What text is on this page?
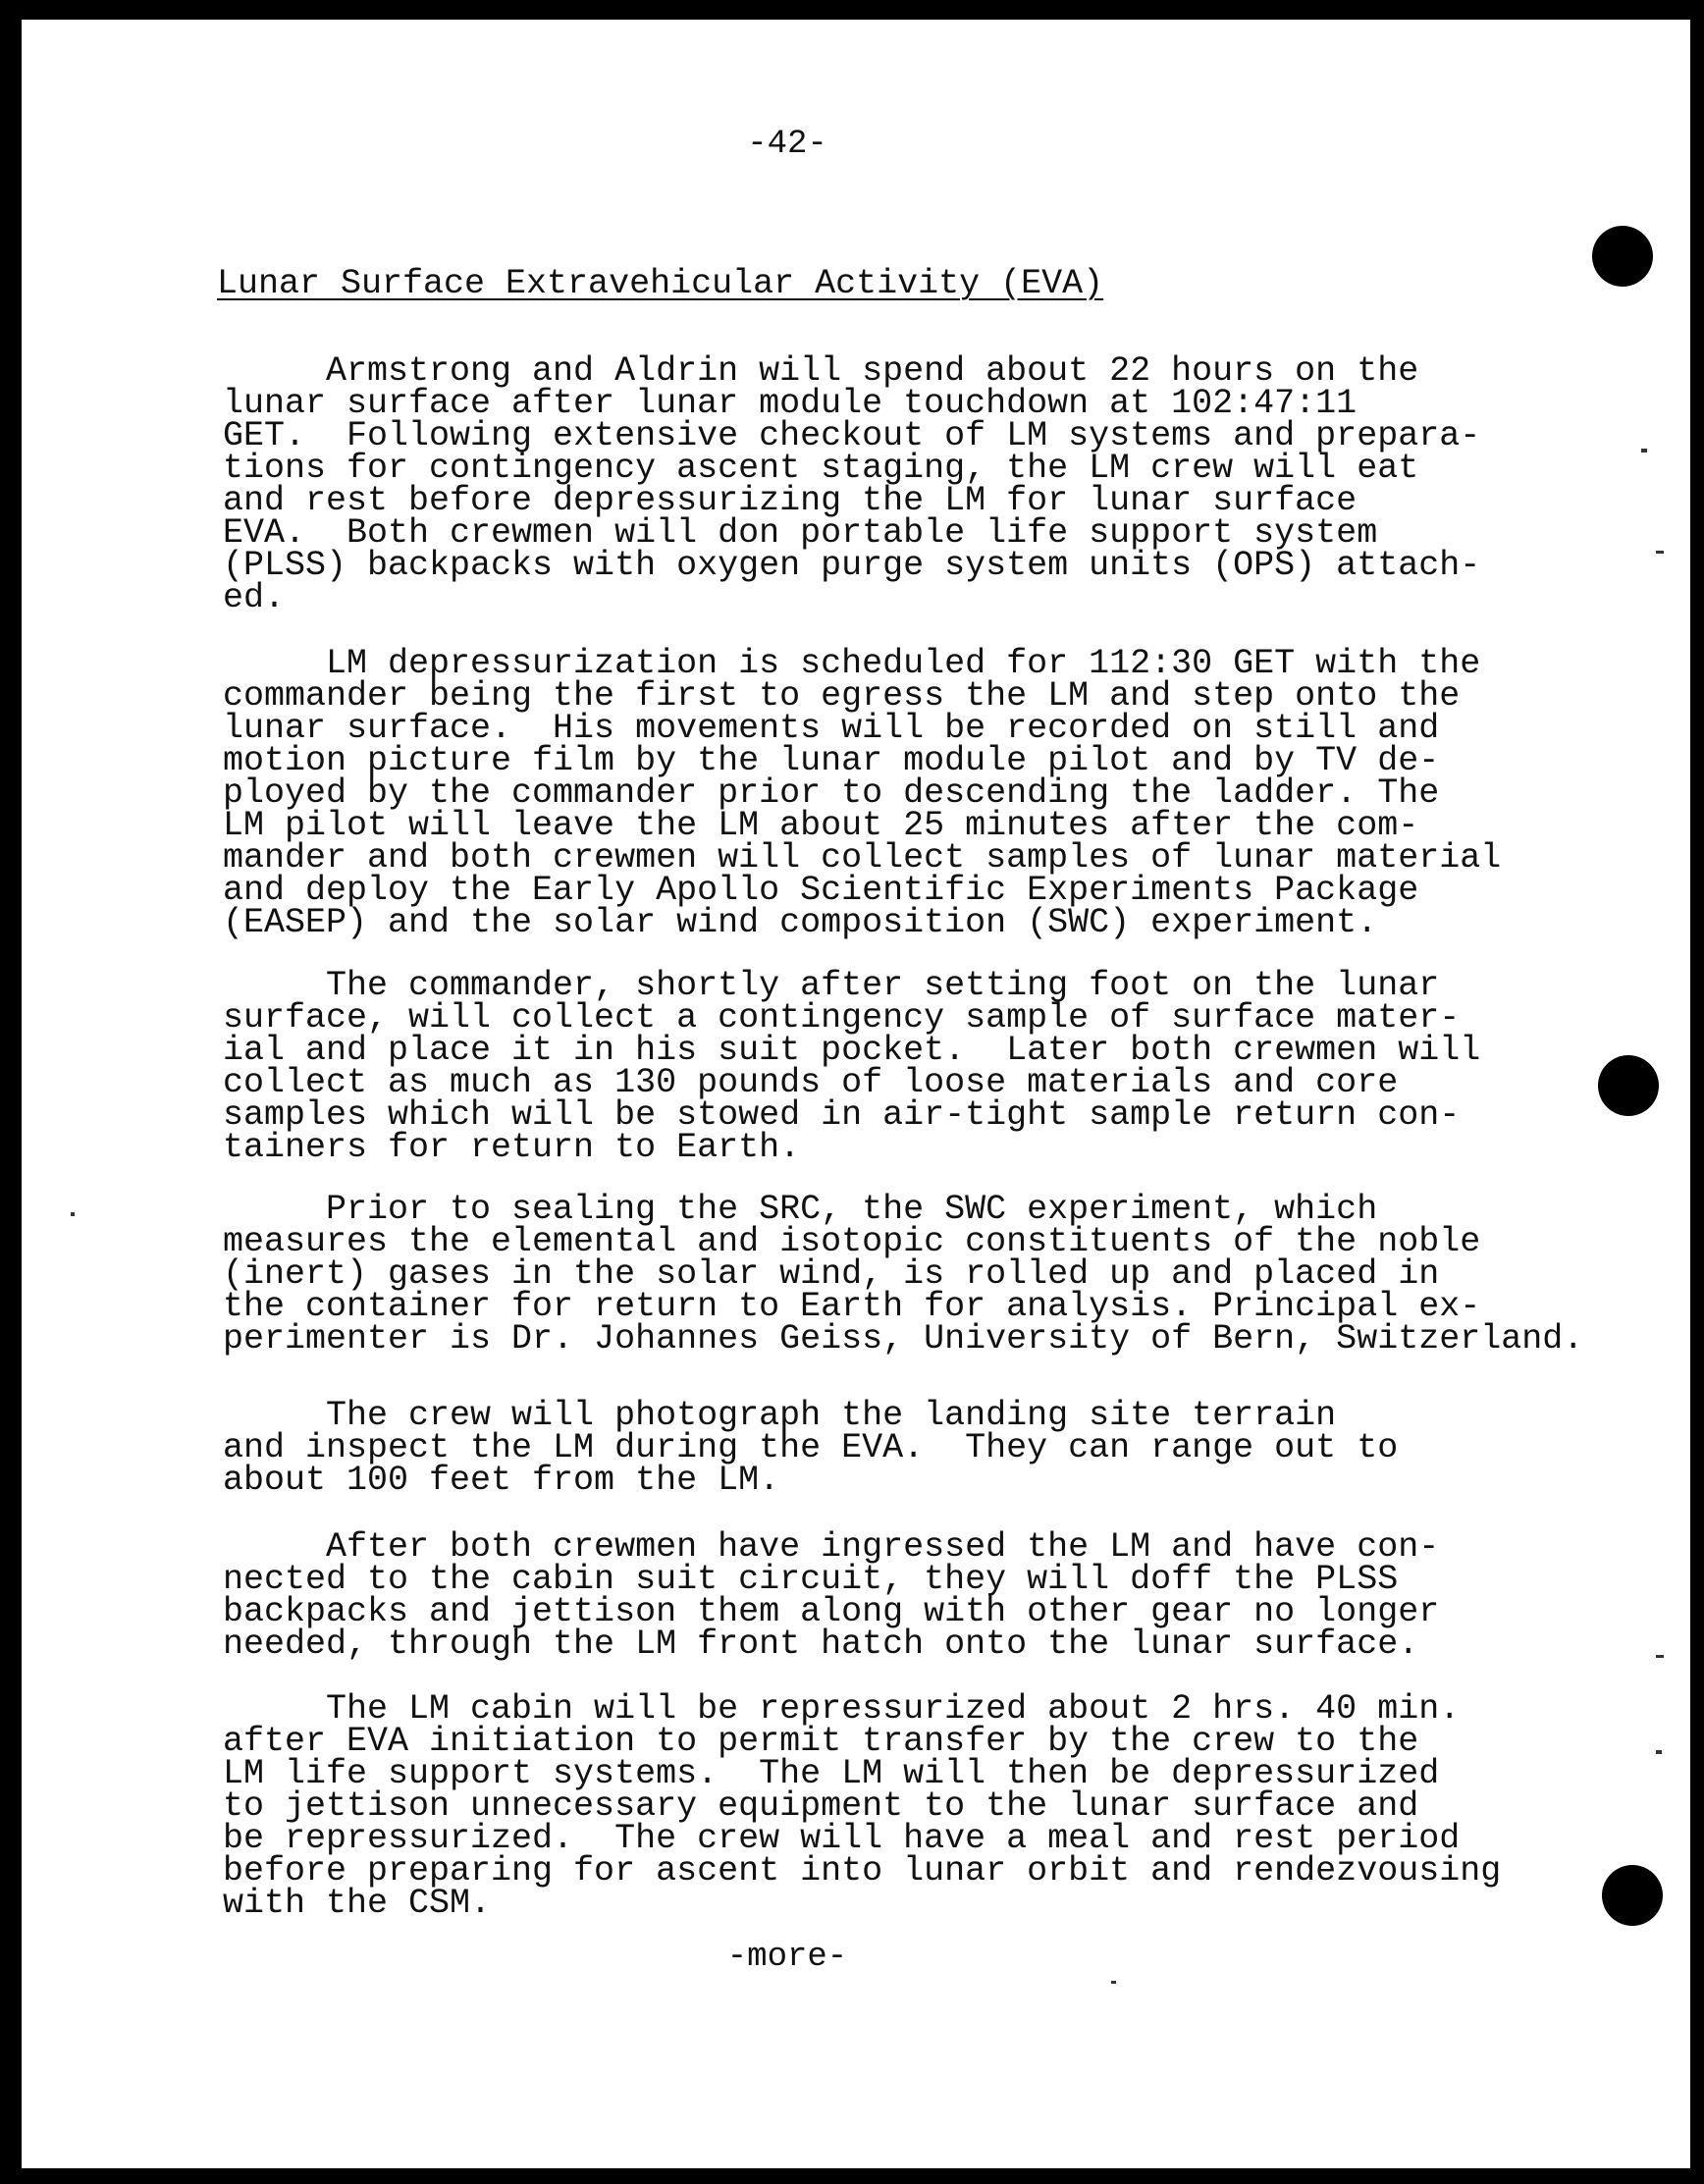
-42-
Lunar Surface Extravehicular Activity (EVA)

Armstrong and Aldrin will spend about 22 hours on the
lunar surface after lunar module touchdown at 102:47:11
GET.  Following extensive checkout of LM systems and prepara-
tions for contingency ascent staging, the LM crew will eat
and rest before depressurizing the LM for lunar surface
EVA.  Both crewmen will don portable life support system
(PLSS) backpacks with oxygen purge system units (OPS) attach-
ed.

LM depressurization is scheduled for 112:30 GET with the
commander being the first to egress the LM and step onto the
lunar surface.  His movements will be recorded on still and
motion picture film by the lunar module pilot and by TV de-
ployed by the commander prior to descending the ladder. The
LM pilot will leave the LM about 25 minutes after the com-
mander and both crewmen will collect samples of lunar material
and deploy the Early Apollo Scientific Experiments Package
(EASEP) and the solar wind composition (SWC) experiment.

The commander, shortly after setting foot on the lunar
surface, will collect a contingency sample of surface mater-
ial and place it in his suit pocket.  Later both crewmen will
collect as much as 130 pounds of loose materials and core
samples which will be stowed in air-tight sample return con-
tainers for return to Earth.

Prior to sealing the SRC, the SWC experiment, which
measures the elemental and isotopic constituents of the noble
(inert) gases in the solar wind, is rolled up and placed in
the container for return to Earth for analysis. Principal ex-
perimenter is Dr. Johannes Geiss, University of Bern, Switzerland.

The crew will photograph the landing site terrain
and inspect the LM during the EVA.  They can range out to
about 100 feet from the LM.

After both crewmen have ingressed the LM and have con-
nected to the cabin suit circuit, they will doff the PLSS
backpacks and jettison them along with other gear no longer
needed, through the LM front hatch onto the lunar surface.

The LM cabin will be repressurized about 2 hrs. 40 min.
after EVA initiation to permit transfer by the crew to the
LM life support systems.  The LM will then be depressurized
to jettison unnecessary equipment to the lunar surface and
be repressurized.  The crew will have a meal and rest period
before preparing for ascent into lunar orbit and rendezvousing
with the CSM.

-more-
